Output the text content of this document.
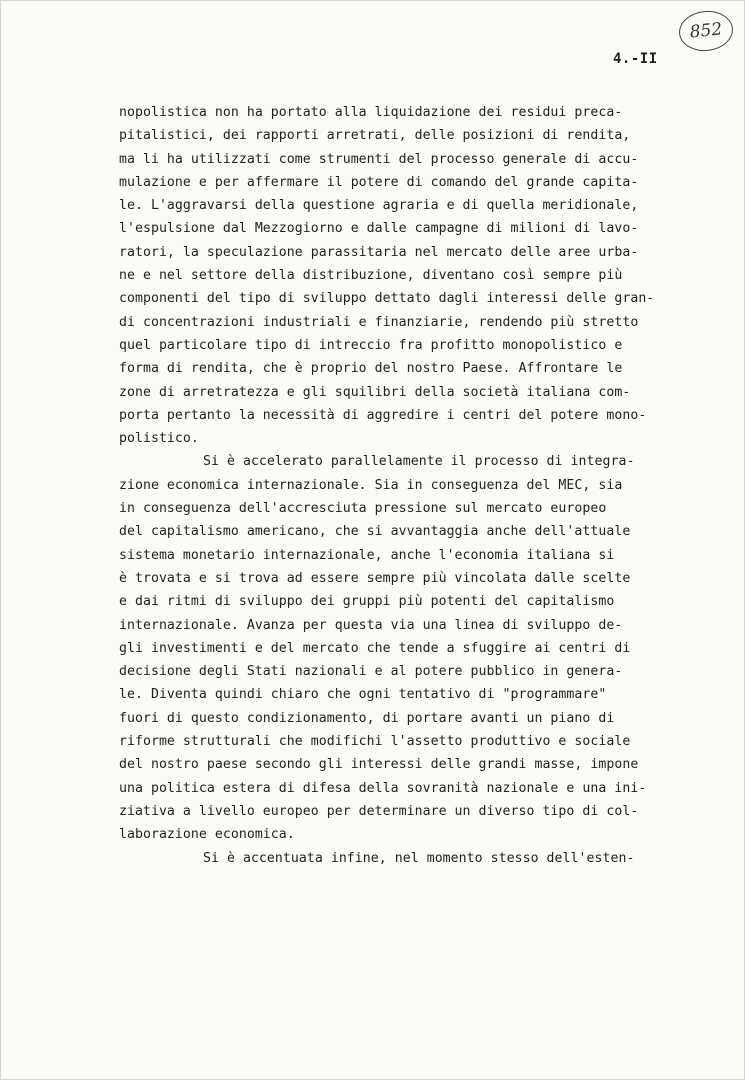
852
4.-II
nopolistica non ha portato alla liquidazione dei residui preca-
pitalistici, dei rapporti arretrati, delle posizioni di rendita,
ma li ha utilizzati come strumenti del processo generale di accu-
mulazione e per affermare il potere di comando del grande capita-
le. L'aggravarsi della questione agraria e di quella meridionale,
l'espulsione dal Mezzogiorno e dalle campagne di milioni di lavo-
ratori, la speculazione parassitaria nel mercato delle aree urba-
ne e nel settore della distribuzione, diventano così sempre più
componenti del tipo di sviluppo dettato dagli interessi delle gran-
di concentrazioni industriali e finanziarie, rendendo più stretto
quel particolare tipo di intreccio fra profitto monopolistico e
forma di rendita, che è proprio del nostro Paese. Affrontare le
zone di arretratezza e gli squilibri della società italiana com-
porta pertanto la necessità di aggredire i centri del potere mono-
polistico.
Si è accelerato parallelamente il processo di integra-
zione economica internazionale. Sia in conseguenza del MEC, sia
in conseguenza dell'accresciuta pressione sul mercato europeo
del capitalismo americano, che si avvantaggia anche dell'attuale
sistema monetario internazionale, anche l'economia italiana si
è trovata e si trova ad essere sempre più vincolata dalle scelte
e dai ritmi di sviluppo dei gruppi più potenti del capitalismo
internazionale. Avanza per questa via una linea di sviluppo de-
gli investimenti e del mercato che tende a sfuggire ai centri di
decisione degli Stati nazionali e al potere pubblico in genera-
le. Diventa quindi chiaro che ogni tentativo di "programmare"
fuori di questo condizionamento, di portare avanti un piano di
riforme strutturali che modifichi l'assetto produttivo e sociale
del nostro paese secondo gli interessi delle grandi masse, impone
una politica estera di difesa della sovranità nazionale e una ini-
ziativa a livello europeo per determinare un diverso tipo di col-
laborazione economica.
Si è accentuata infine, nel momento stesso dell'esten-
